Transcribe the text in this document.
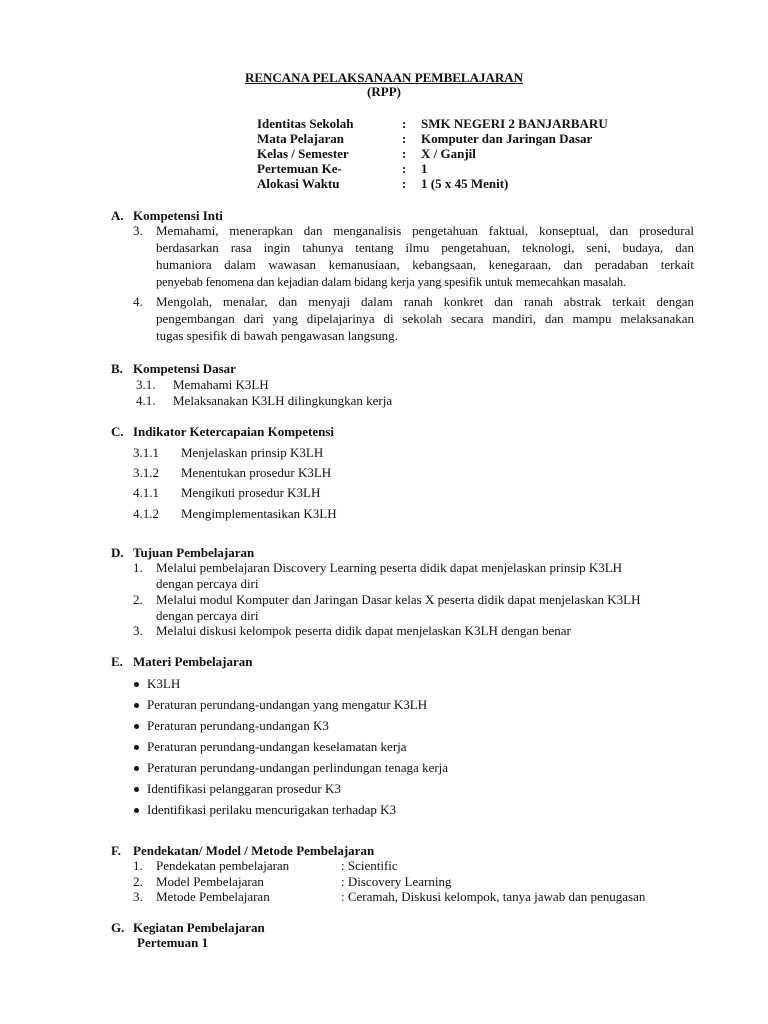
RENCANA PELAKSANAAN PEMBELAJARAN
(RPP)
Identitas Sekolah	: SMK NEGERI 2 BANJARBARU
Mata Pelajaran	: Komputer dan Jaringan Dasar
Kelas / Semester	: X / Ganjil
Pertemuan Ke-	: 1
Alokasi Waktu	: 1 (5 x 45 Menit)
A. Kompetensi Inti
3. Memahami, menerapkan dan menganalisis pengetahuan faktual, konseptual, dan prosedural
berdasarkan rasa ingin tahunya tentang ilmu pengetahuan, teknologi, seni, budaya, dan
humaniora dalam wawasan kemanusiaan, kebangsaan, kenegaraan, dan peradaban terkait
penyebab fenomena dan kejadian dalam bidang kerja yang spesifik untuk memecahkan masalah.
4. Mengolah, menalar, dan menyaji dalam ranah konkret dan ranah abstrak terkait dengan
pengembangan dari yang dipelajarinya di sekolah secara mandiri, dan mampu melaksanakan
tugas spesifik di bawah pengawasan langsung.
B. Kompetensi Dasar
3.1. Memahami K3LH
4.1. Melaksanakan K3LH dilingkungkan kerja
C. Indikator Ketercapaian Kompetensi
3.1.1 Menjelaskan prinsip K3LH
3.1.2 Menentukan prosedur K3LH
4.1.1 Mengikuti prosedur K3LH
4.1.2 Mengimplementasikan K3LH
D. Tujuan Pembelajaran
1. Melalui pembelajaran Discovery Learning peserta didik dapat menjelaskan prinsip K3LH
dengan percaya diri
2. Melalui modul Komputer dan Jaringan Dasar kelas X peserta didik dapat menjelaskan K3LH
dengan percaya diri
3. Melalui diskusi kelompok peserta didik dapat menjelaskan K3LH dengan benar
E. Materi Pembelajaran
K3LH
Peraturan perundang-undangan yang mengatur K3LH
Peraturan perundang-undangan K3
Peraturan perundang-undangan keselamatan kerja
Peraturan perundang-undangan perlindungan tenaga kerja
Identifikasi pelanggaran prosedur K3
Identifikasi perilaku mencurigakan terhadap K3
F. Pendekatan/ Model / Metode Pembelajaran
1. Pendekatan pembelajaran	: Scientific
2. Model Pembelajaran	: Discovery Learning
3. Metode Pembelajaran	: Ceramah, Diskusi kelompok, tanya jawab dan penugasan
G. Kegiatan Pembelajaran
Pertemuan 1
